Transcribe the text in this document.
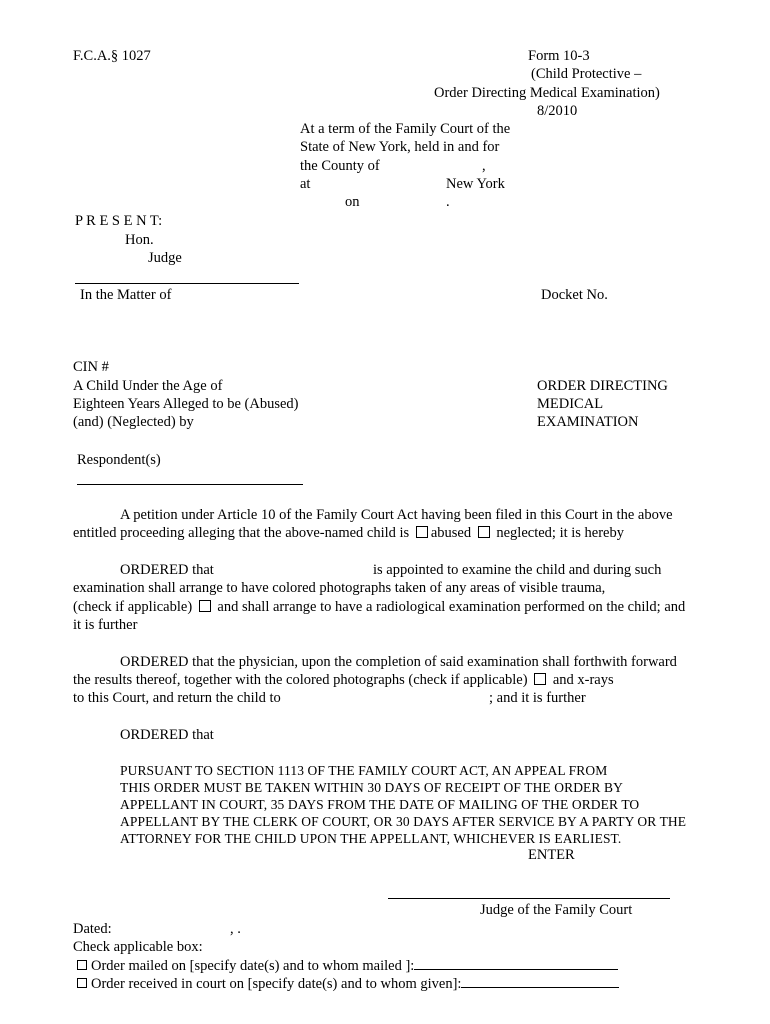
F.C.A.§ 1027	Form 10-3
(Child Protective –
Order Directing Medical Examination)
8/2010
At a term of the Family Court of the
State of New York, held in and for
the County of	,
at	New York
on	.
P R E S E N T:
Hon.
Judge
In the Matter of	Docket No.
CIN #
A Child Under the Age of
Eighteen Years Alleged to be (Abused)
(and) (Neglected) by
ORDER DIRECTING
MEDICAL
EXAMINATION
Respondent(s)
A petition under Article 10 of the Family Court Act having been filed in this Court in the above
entitled proceeding alleging that the above-named child is abused  neglected; it is hereby
ORDERED that	is appointed to examine the child and during such
examination shall arrange to have colored photographs taken of any areas of visible trauma,
(check if applicable)  and shall arrange to have a radiological examination performed on the child; and
it is further
ORDERED that the physician, upon the completion of said examination shall forthwith forward
the results thereof, together with the colored photographs (check if applicable)  and x-rays
to this Court, and return the child to	; and it is further
ORDERED that
PURSUANT TO SECTION 1113 OF THE FAMILY COURT ACT, AN APPEAL FROM
THIS ORDER MUST BE TAKEN WITHIN 30 DAYS OF RECEIPT OF THE ORDER BY
APPELLANT IN COURT, 35 DAYS FROM THE DATE OF MAILING OF THE ORDER TO
APPELLANT BY THE CLERK OF COURT, OR 30 DAYS AFTER SERVICE BY A PARTY OR THE
ATTORNEY FOR THE CHILD UPON THE APPELLANT, WHICHEVER IS EARLIEST.
ENTER
Judge of the Family Court
Dated:	, .
Check applicable box:
Order mailed on [specify date(s) and to whom mailed ]:
Order received in court on [specify date(s) and to whom given]:
